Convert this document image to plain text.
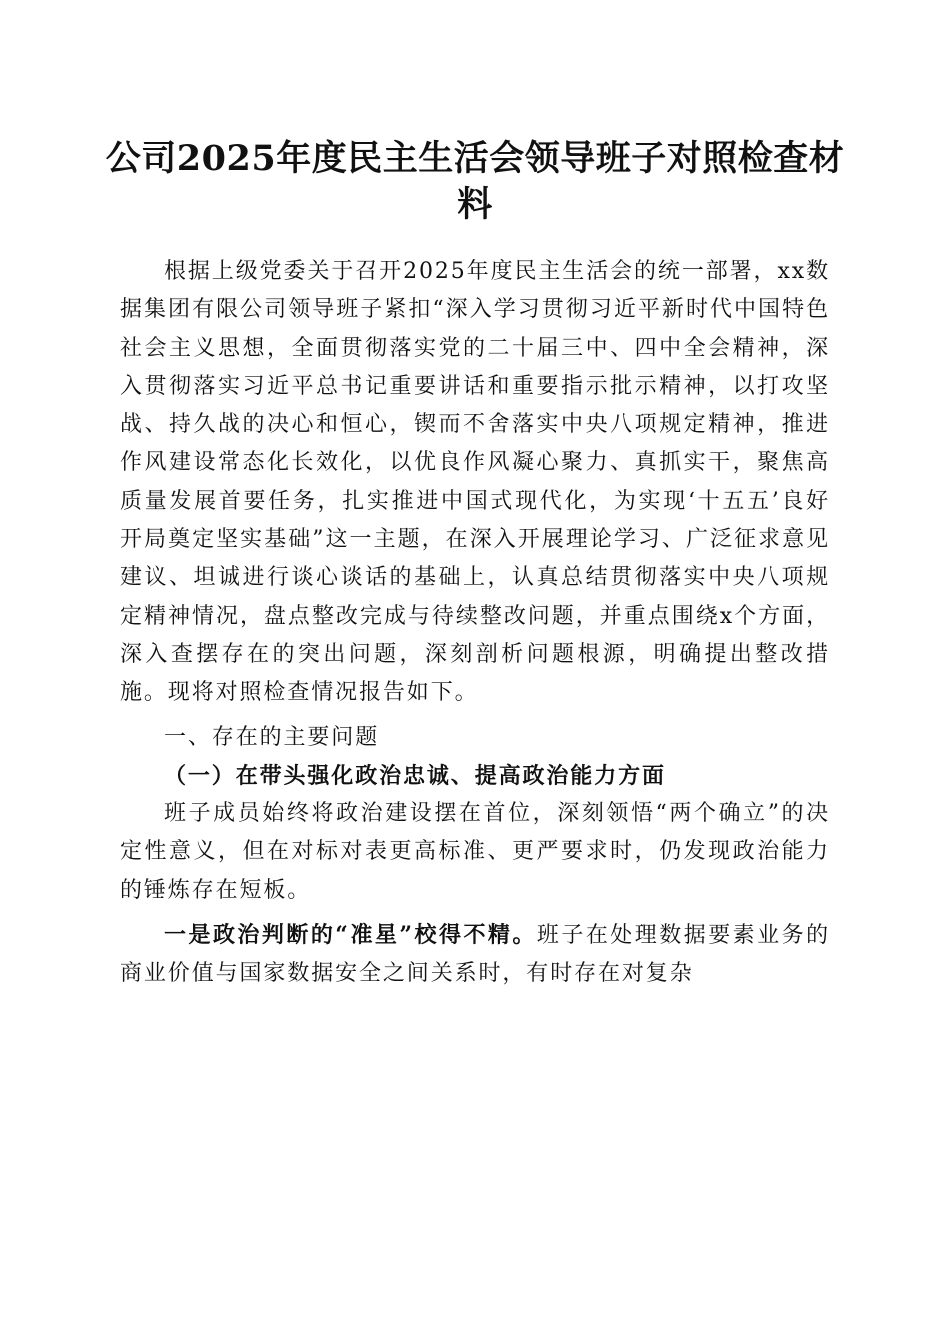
公司2025年度民主生活会领导班子对照检查材料

根据上级党委关于召开2025年度民主生活会的统一部署，xx数据集团有限公司领导班子紧扣“深入学习贯彻习近平新时代中国特色社会主义思想，全面贯彻落实党的二十届三中、四中全会精神，深入贯彻落实习近平总书记重要讲话和重要指示批示精神，以打攻坚战、持久战的决心和恒心，锲而不舍落实中央八项规定精神，推进作风建设常态化长效化，以优良作风凝心聚力、真抓实干，聚焦高质量发展首要任务，扎实推进中国式现代化，为实现‘十五五’良好开局奠定坚实基础”这一主题，在深入开展理论学习、广泛征求意见建议、坦诚进行谈心谈话的基础上，认真总结贯彻落实中央八项规定精神情况，盘点整改完成与待续整改问题，并重点围绕x个方面，深入查摆存在的突出问题，深刻剖析问题根源，明确提出整改措施。现将对照检查情况报告如下。

一、存在的主要问题

（一）在带头强化政治忠诚、提高政治能力方面

班子成员始终将政治建设摆在首位，深刻领悟“两个确立”的决定性意义，但在对标对表更高标准、更严要求时，仍发现政治能力的锤炼存在短板。

一是政治判断的“准星”校得不精。班子在处理数据要素业务的商业价值与国家数据安全之间关系时，有时存在对复杂
